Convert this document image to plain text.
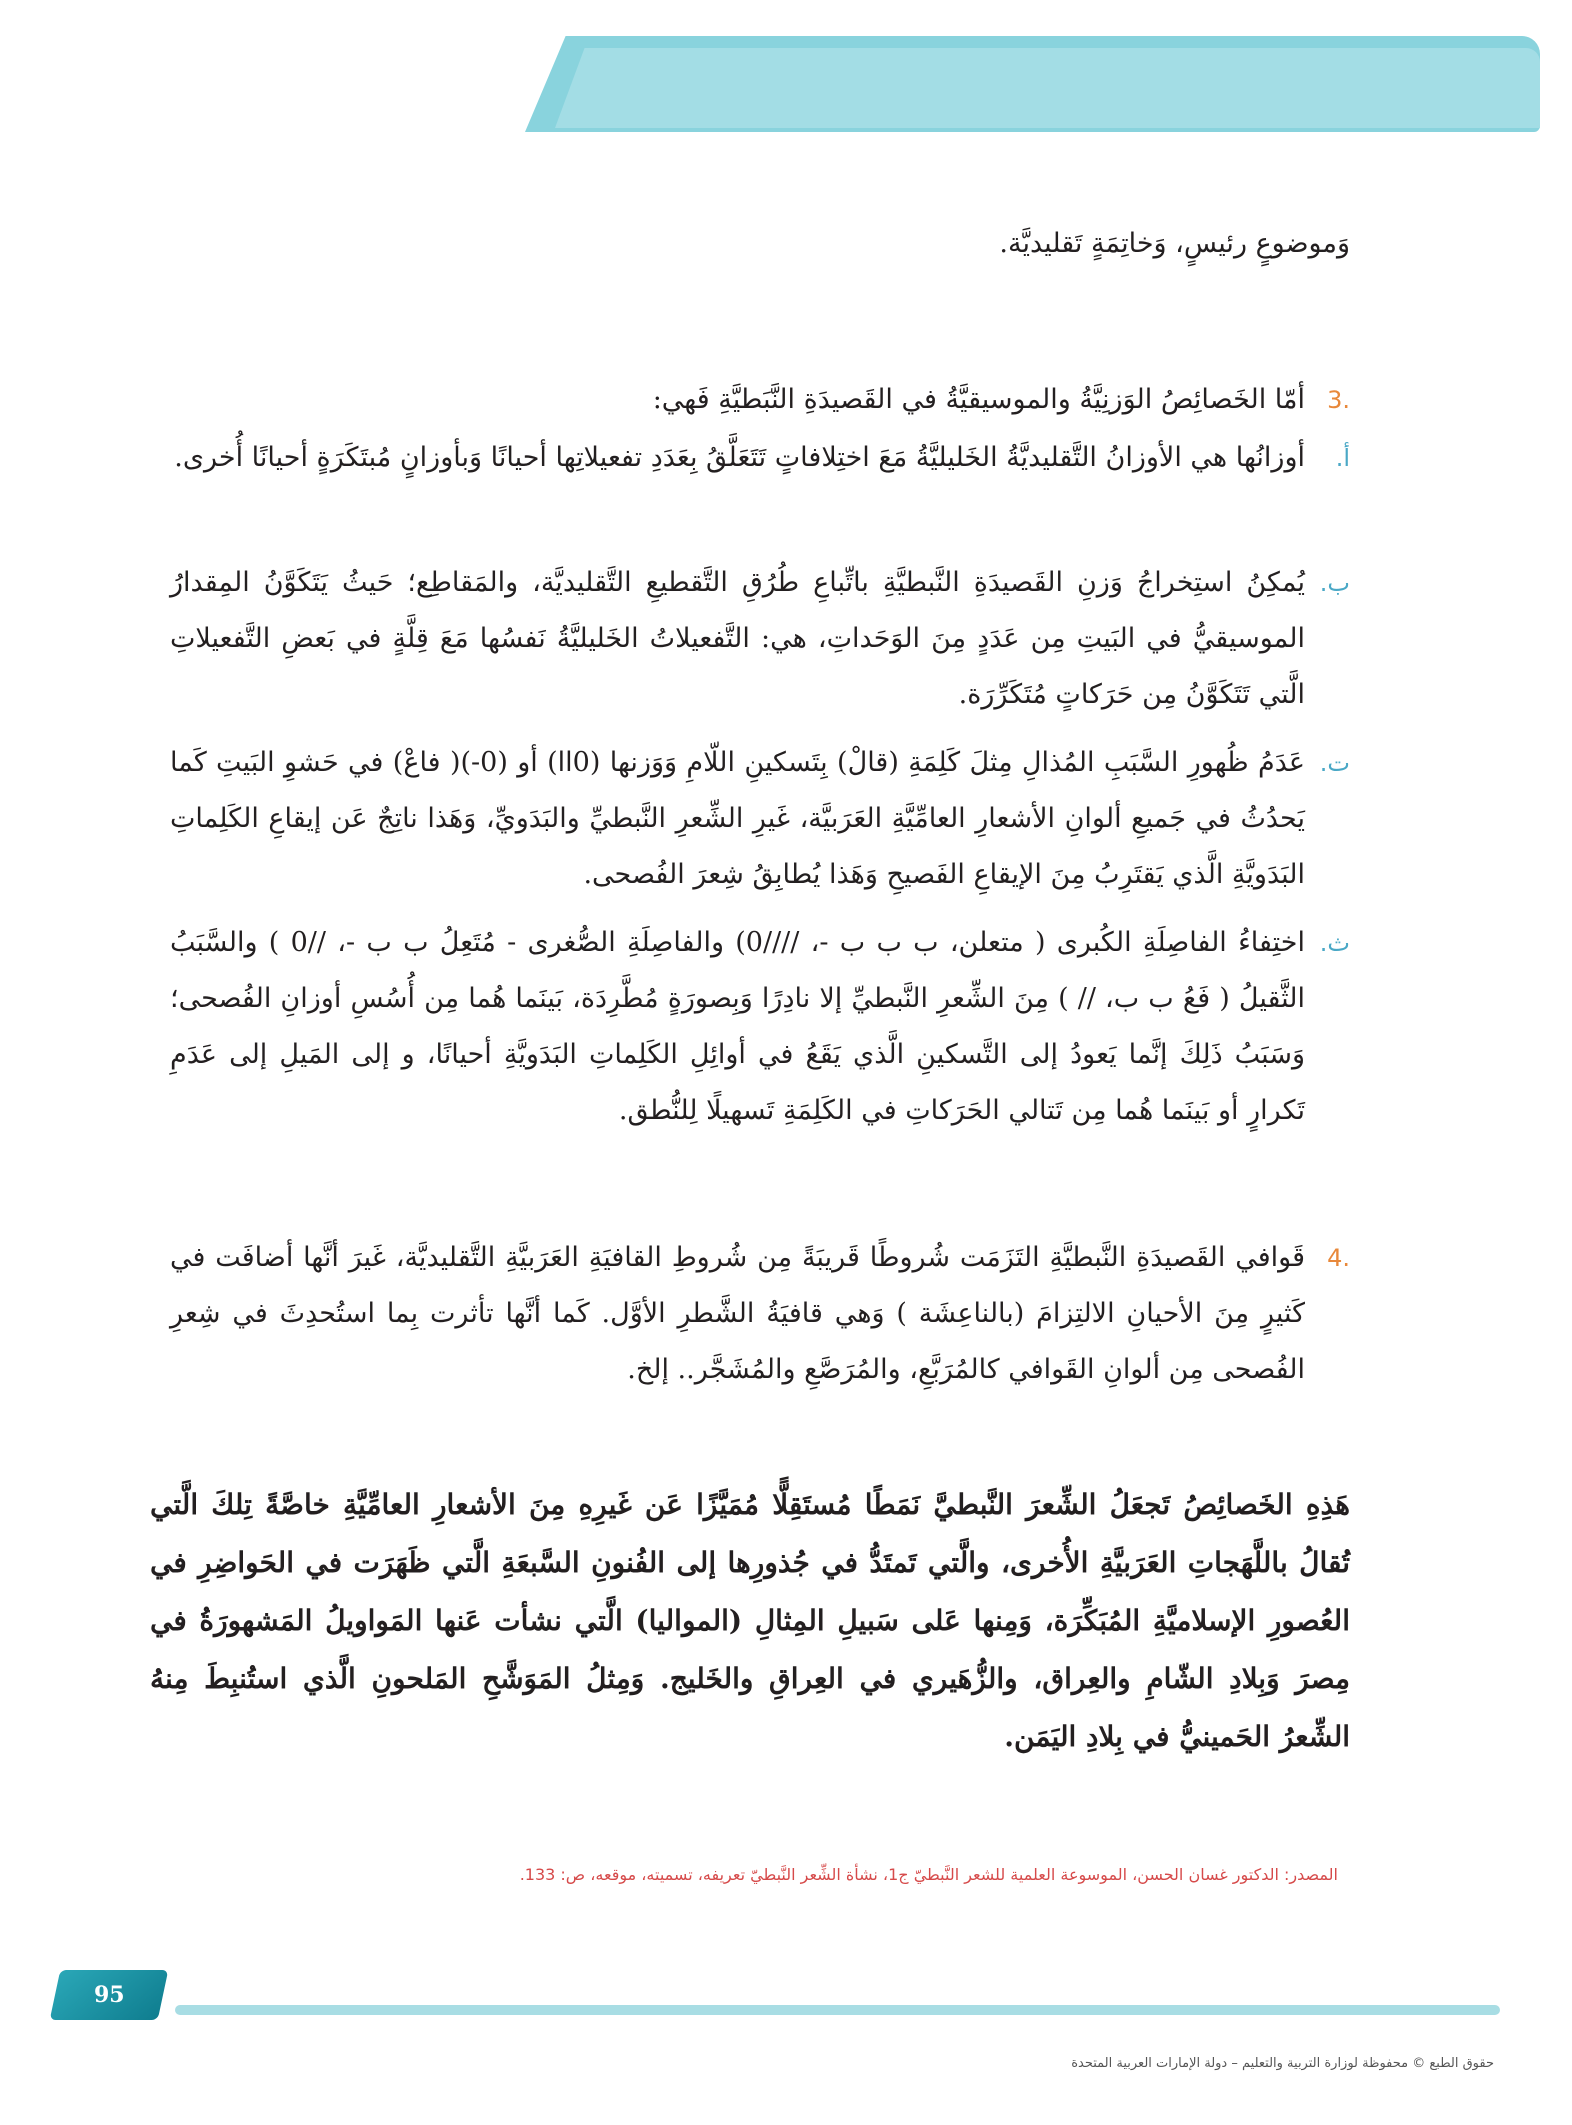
وَموضوعٍ رئيسٍ، وَخاتِمَةٍ تَقليديَّة.
.3
أمّا الخَصائِصُ الوَزنِيَّةُ والموسيقيَّةُ في القَصيدَةِ النَّبَطيَّةِ فَهي:
أ.
أوزانُها هي الأوزانُ التَّقليديَّةُ الخَليليَّةُ مَعَ اختِلافاتٍ تَتَعَلَّقُ بِعَدَدِ تفعيلاتِها أحيانًا وَبأوزانٍ مُبتَكَرَةٍ أحيانًا أُخرى.
ب.
يُمكِنُ استِخراجُ وَزنِ القَصيدَةِ النَّبطيَّةِ باتِّباعِ طُرُقِ التَّقطيعِ التَّقليديَّة، والمَقاطِع؛ حَيثُ يَتَكَوَّنُ المِقدارُ الموسيقيُّ في البَيتِ مِن عَدَدٍ مِنَ الوَحَداتِ، هي: التَّفعيلاتُ الخَليليَّةُ نَفسُها مَعَ قِلَّةٍ في بَعضِ التَّفعيلاتِ الَّتي تَتَكَوَّنُ مِن حَرَكاتٍ مُتَكَرِّرَة.
ت.
عَدَمُ ظُهورِ السَّبَبِ المُذالِ مِثلَ كَلِمَةِ (قالْ) بِتَسكينِ اللّامِ وَوَزنها (0اا) أو (0-)( فاعْ) في حَشوِ البَيتِ كَما يَحدُثُ في جَميعِ ألوانِ الأشعارِ العامِّيَّةِ العَرَبيَّة، غَيرِ الشِّعرِ النَّبطيِّ والبَدَويِّ، وَهَذا ناتِجٌ عَن إيقاعِ الكَلِماتِ البَدَويَّةِ الَّذي يَقتَرِبُ مِنَ الإيقاعِ الفَصيحِ وَهَذا يُطابِقُ شِعرَ الفُصحى.
ث.
اختِفاءُ الفاصِلَةِ الكُبرى ( متعلن، ب ب ب -، ////0) والفاصِلَةِ الصُّغرى - مُتَعِلُ ب ب -، //0 ) والسَّبَبُ الثَّقيلُ ( فَعُ ب ب، // ) مِنَ الشِّعرِ النَّبطيِّ إلا نادِرًا وَبِصورَةٍ مُطَّرِدَة، بَينَما هُما مِن أُسُسِ أوزانِ الفُصحى؛ وَسَبَبُ ذَلِكَ إنَّما يَعودُ إلى التَّسكينِ الَّذي يَقَعُ في أوائِلِ الكَلِماتِ البَدَويَّةِ أحيانًا، و إلى المَيلِ إلى عَدَمِ تَكرارٍ أو بَينَما هُما مِن تَتالي الحَرَكاتِ في الكَلِمَةِ تَسهيلًا لِلنُّطق.
.4
قَوافي القَصيدَةِ النَّبطيَّةِ التَزَمَت شُروطًا قَريبَةً مِن شُروطِ القافيَةِ العَرَبيَّةِ التَّقليديَّة، غَيرَ أنَّها أضافَت في كَثيرٍ مِنَ الأحيانِ الالتِزامَ (بالناعِشَة ) وَهي قافيَةُ الشَّطرِ الأوَّل. كَما أنَّها تأثرت بِما استُحدِثَ في شِعرِ الفُصحى مِن ألوانِ القَوافي كالمُرَبَّعِ، والمُرَصَّعِ والمُشَجَّر.. إلخ.
هَذِهِ الخَصائِصُ تَجعَلُ الشِّعرَ النَّبطيَّ نَمَطًا مُستَقِلًّا مُمَيَّزًا عَن غَيرِهِ مِنَ الأشعارِ العامِّيَّةِ خاصَّةً تِلكَ الَّتي تُقالُ باللَّهَجاتِ العَرَبيَّةِ الأُخرى، والَّتي تَمتَدُّ في جُذورِها إلى الفُنونِ السَّبعَةِ الَّتي ظَهَرَت في الحَواضِرِ في العُصورِ الإسلاميَّةِ المُبَكِّرَة، وَمِنها عَلى سَبيلِ المِثالِ (المواليا) الَّتي نشأت عَنها المَواويلُ المَشهورَةُ في مِصرَ وَبِلادِ الشّامِ والعِراق، والزُّهَيري في العِراقِ والخَليج. وَمِثلُ المَوَشَّحِ المَلحونِ الَّذي استُنبِطَ مِنهُ الشِّعرُ الحَمينيُّ في بِلادِ اليَمَن.
المصدر: الدكتور غسان الحسن، الموسوعة العلمية للشعر النَّبطيّ ج1، نشأة الشِّعر النَّبطيّ تعريفه، تسميته، موقعه، ص: 133.
95
حقوق الطبع © محفوظة لوزارة التربية والتعليم – دولة الإمارات العربية المتحدة
